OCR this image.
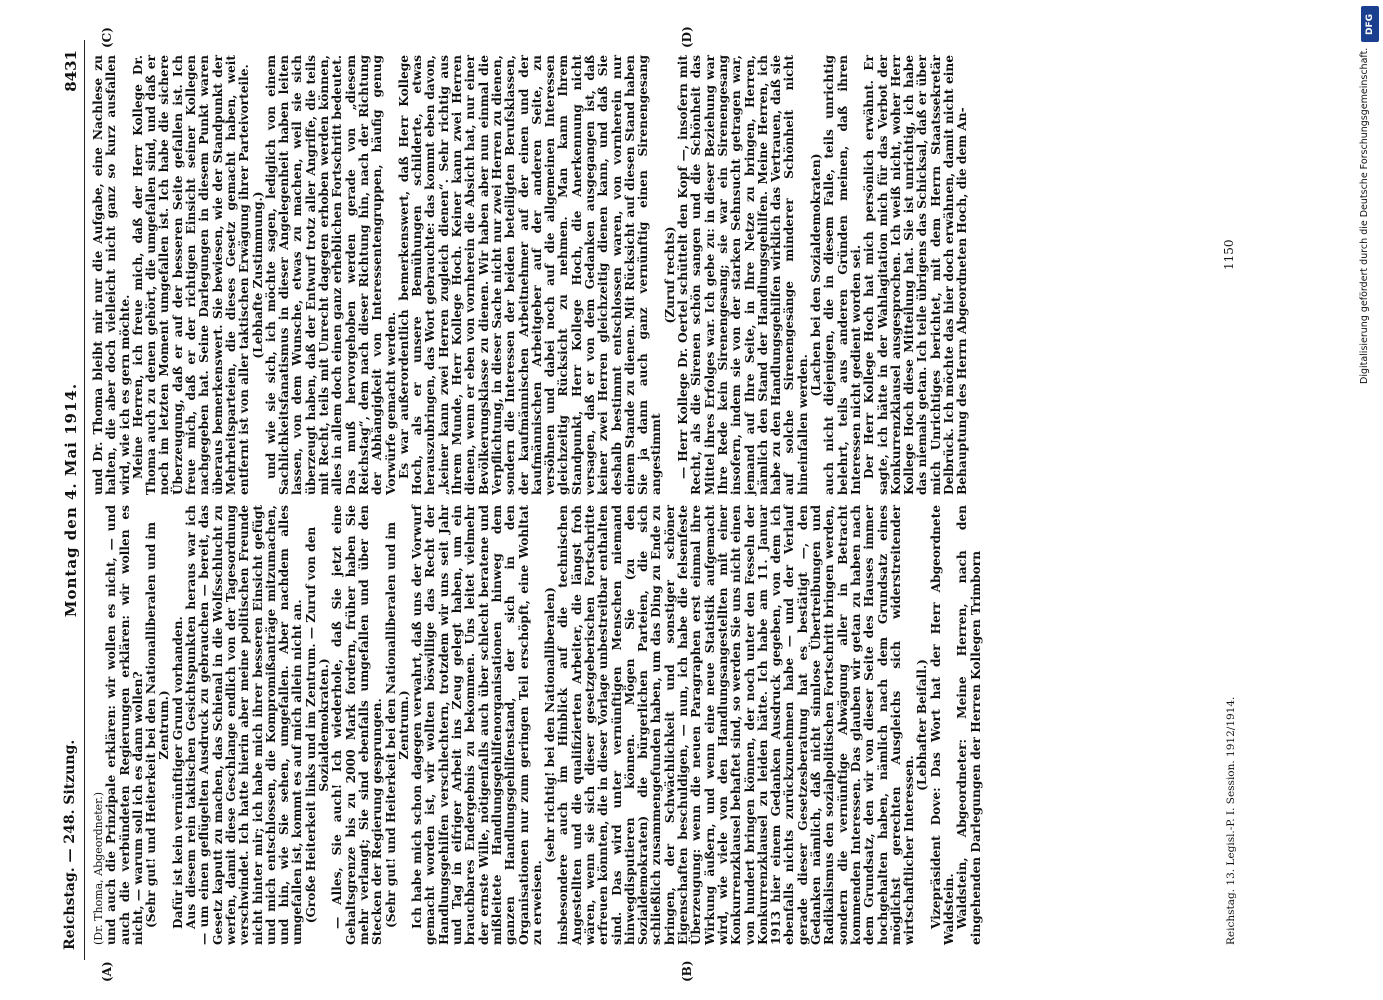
Reichstag. — 248. Sitzung.
Montag den 4. Mai 1914.
8431
(A)	(B)
(C)	(D)

(Dr. Thoma, Abgeordneter.) und auch die Prinzipale erklären: wir wollen es nicht, — und auch die verbündeten Regierungen erklären: wir wollen es nicht, — warum soll ich es dann wollen? (Sehr gut! und Heiterkeit bei den Nationalliberalen und im Zentrum.) Dafür ist kein vernünftiger Grund vorhanden. Aus diesem rein taktischen Gesichtspunkten heraus war ich — um einen geflügelten Ausdruck zu gebrauchen — bereit, das Gesetz kaputt zu machen, das Schienal in die Wolfsschlucht zu werfen, damit diese Geschlange endlich von der Tagesordnung verschwindet. Ich hatte hierin aber meine politischen Freunde nicht hinter mir; ich habe mich ihrer besseren Einsicht gefügt und mich entschlossen, die Kompromißanträge mitzumachen, und hin, wie Sie sehen, umgefallen. Aber nachdem alles umgefallen ist, kommt es auf mich allein nicht an. (Große Heiterkeit links und im Zentrum. — Zuruf von den Sozialdemokraten.) — Alles, Sie auch! Ich wiederhole, daß Sie jetzt eine Gehaltsgrenze bis zu 2000 Mark fordern, früher haben Sie mehr verlangt; Sie sind ebenfalls umgefallen und über den Stecken der Regierung gesprungen. (Sehr gut! und Heiterkeit bei den Nationalliberalen und im Zentrum.) Ich habe mich schon dagegen verwahrt, daß uns der Vorwurf gemacht worden ist, wir wollten böswillige das Recht der Handlungsgehilfen verschlechtern, trotzdem wir uns seit Jahr und Tag in eifriger Arbeit ins Zeug gelegt haben, um ein brauchbares Endergebnis zu bekommen. Uns leitet vielmehr der ernste Wille, nötigenfalls auch über schlecht beratene und mißleitete Handlungsgehilfenorganisationen hinweg dem ganzen Handlungsgehilfenstand, der sich in den Organisationen nur zum geringen Teil erschöpft, eine Wohltat zu erweisen.

(sehr richtig! bei den Nationalliberalen) insbesondere auch im Hinblick auf die technischen Angestellten und die qualifizierten Arbeiter, die längst froh wären, wenn sie sich dieser gesetzgeberischen Fortschritte erfreuen könnten, die in dieser Vorlage unbestreitbar enthalten sind. Das wird unter vernünftigen Menschen niemand hinwegdisputieren können. Mögen Sie (zu den Sozialdemokraten) die bürgerlichen Parteien, die sich schließlich zusammengefunden haben, um das Ding zu Ende zu bringen, der Schwächlichkeit und sonstiger schöner Eigenschaften beschuldigen, — nun, ich habe die felsenfeste Überzeugung: wenn die neuen Paragraphen erst einmal ihre Wirkung äußern, und wenn eine neue Statistik aufgemacht wird, wie viele von den Handlungsangestellten mit einer Konkurrenzklausel behaftet sind, so werden Sie uns nicht einen von hundert bringen können, der noch unter den Fesseln der Konkurrenzklausel zu leiden hätte. Ich habe am 11. Januar 1913 hier einem Gedanken Ausdruck gegeben, von dem ich ebenfalls nichts zurückzunehmen habe — und der Verlauf gerade dieser Gesetzesberatung hat es bestätigt —, den Gedanken nämlich, daß nicht sinnlose Übertreibungen und Radikalismus den sozialpolitischen Fortschritt bringen werden, sondern die vernünftige Abwägung aller in Betracht kommenden Interessen. Das glauben wir getan zu haben nach dem Grundsatz, den wir von dieser Seite des Hauses immer hochgehalten haben, nämlich nach dem Grundsatz eines möglichst gerechten Ausgleichs sich widerstreitender wirtschaftlicher Interessen.

(Lebhafter Beifall.) Vizepräsident Dove: Das Wort hat der Herr Abgeordnete Waldstein. Waldstein, Abgeordneter: Meine Herren, nach den eingehenden Darlegungen der Herren Kollegen Trimborn

und Dr. Thoma bleibt mir nur die Aufgabe, eine Nachlese zu halten, die aber doch vielleicht nicht ganz so kurz ausfallen wird, wie ich es gern möchte. Meine Herren, ich freue mich, daß der Herr Kollege Dr. Thoma auch zu denen gehört, die umgefallen sind, und daß er noch im letzten Moment umgefallen ist. Ich habe die sichere Überzeugung, daß er auf der besseren Seite gefallen ist. Ich freue mich, daß er der richtigen Einsicht seiner Kollegen nachgegeben hat. Seine Darlegungen in diesem Punkt waren überaus bemerkenswert. Sie bewiesen, wie der Standpunkt der Mehrheitsparteien, die dieses Gesetz gemacht haben, weit entfernt ist von aller taktischen Erwägung ihrer Parteivorteile. (Lebhafte Zustimmung.) und wie sie sich, ich möchte sagen, lediglich von einem Sachlichkeitsfanatismus in dieser Angelegenheit haben leiten lassen, von dem Wunsche, etwas zu machen, weil sie sich überzeugt haben, daß der Entwurf trotz aller Angriffe, die teils mit Recht, teils mit Unrecht dagegen erhoben werden können, alles in allem doch einen ganz erheblichen Fortschritt bedeutet. Das muß hervorgehoben werden gerade von „diesem Reichstag“, dem nach dieser Richtung hin, nach der Richtung der Abhängigkeit von Interessentengruppen, häufig genug Vorwürfe gemacht werden. Es war außerordentlich bemerkenswert, daß Herr Kollege Hoch, als er unsere Bemühungen schilderte, etwas herauszubringen, das Wort gebrauchte: das kommt eben davon, „keiner kann zwei Herren zugleich dienen“. Sehr richtig aus Ihrem Munde, Herr Kollege Hoch. Keiner kann zwei Herren dienen, wenn er eben von vornherein die Absicht hat, nur einer Bevölkerungsklasse zu dienen. Wir haben aber nun einmal die Verpflichtung, in dieser Sache nicht nur zwei Herren zu dienen, sondern die Interessen der beiden beteiligten Berufsklassen, der kaufmännischen Arbeitnehmer auf der einen und der kaufmännischen Arbeitgeber auf der anderen Seite, zu versöhnen und dabei noch auf die allgemeinen Interessen gleichzeitig Rücksicht zu nehmen. Man kann Ihrem Standpunkt, Herr Kollege Hoch, die Anerkennung nicht versagen, daß er von dem Gedanken ausgegangen ist, daß keiner zwei Herren gleichzeitig dienen kann, und daß Sie deshalb bestimmt entschlossen waren, von vornherein nur einem Stande zu dienen. Mit Rücksicht auf diesen Stand haben Sie ja dann auch ganz vernünftig einen Sirenengesang angestimmt

(Zuruf rechts) — Herr Kollege Dr. Oertel schüttelt den Kopf —, insofern mit Recht, als die Sirenen schön sangen und die Schönheit das Mittel ihres Erfolges war. Ich gebe zu: in dieser Beziehung war Ihre Rede kein Sirenengesang; sie war ein Sirenengesang insofern, indem sie von der starken Sehnsucht getragen war, jemand auf Ihre Seite, in Ihre Netze zu bringen, Herren, nämlich den Stand der Handlungsgehilfen. Meine Herren, ich habe zu den Handlungsgehilfen wirklich das Vertrauen, daß sie auf solche Sirenengesänge minderer Schönheit nicht hineinfallen werden.

(Lachen bei den Sozialdemokraten) auch nicht diejenigen, die in diesem Falle, teils unrichtig belehrt, teils aus anderen Gründen meinen, daß ihren Interessen nicht gedient worden sei. Der Herr Kollege Hoch hat mich persönlich erwähnt. Er sagte, ich hätte in der Wahlagitation mich für das Verbot der Konkurrenzklausel ausgesprochen. Ich weiß nicht, woher Herr Kollege Hoch diese Mitteilung hat. Sie ist unrichtig, ich habe das niemals getan. Ich teile übrigens das Schicksal, daß er über mich Unrichtiges berichtet, mit dem Herrn Staatssekretär Delbrück. Ich möchte das hier doch erwähnen, damit nicht eine Behauptung des Herrn Abgeordneten Hoch, die dem An-

Reichstag. 13. Legisl.-P. I. Session. 1912/1914.
1150
DFG
Digitalisierung gefördert durch die Deutsche Forschungsgemeinschaft.
